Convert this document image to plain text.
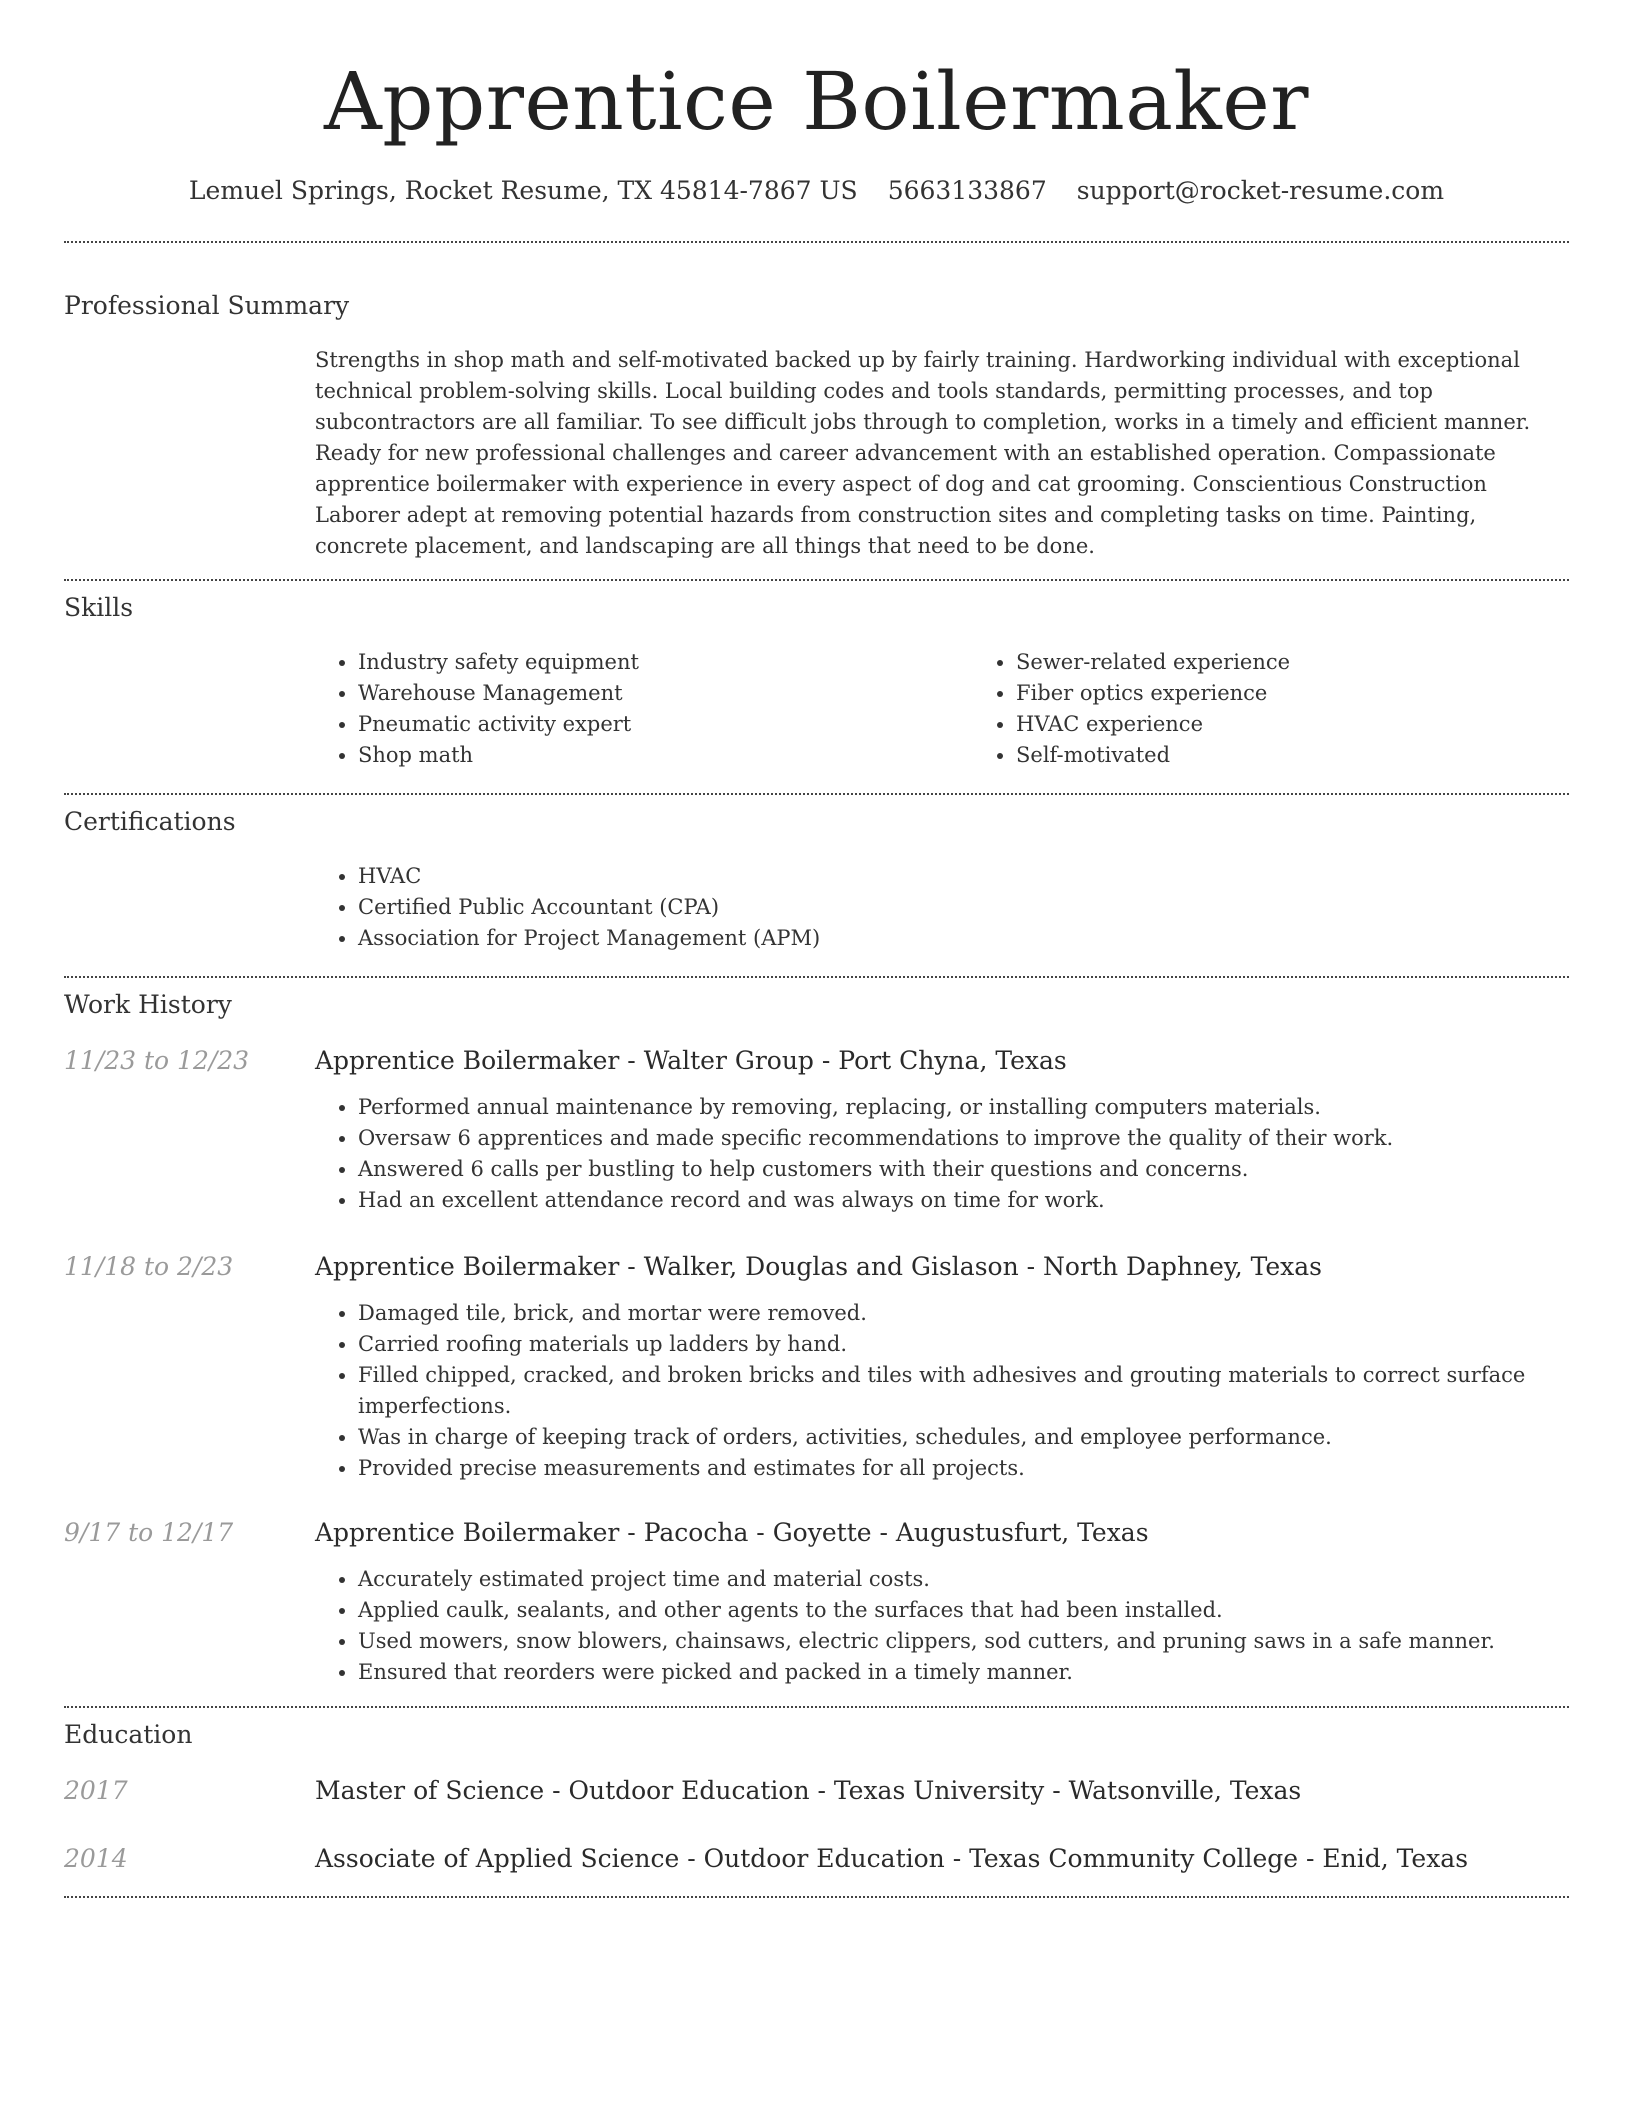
Apprentice Boilermaker
Lemuel Springs, Rocket Resume, TX 45814-7867 US 5663133867 support@rocket-resume.com
Professional Summary

Strengths in shop math and self-motivated backed up by fairly training. Hardworking individual with exceptional technical problem-solving skills. Local building codes and tools standards, permitting processes, and top subcontractors are all familiar. To see difficult jobs through to completion, works in a timely and efficient manner. Ready for new professional challenges and career advancement with an established operation. Compassionate apprentice boilermaker with experience in every aspect of dog and cat grooming. Conscientious Construction Laborer adept at removing potential hazards from construction sites and completing tasks on time. Painting, concrete placement, and landscaping are all things that need to be done.

Skills
• Industry safety equipment
• Warehouse Management
• Pneumatic activity expert
• Shop math
• Sewer-related experience
• Fiber optics experience
• HVAC experience
• Self-motivated
Certifications
• HVAC
• Certified Public Accountant (CPA)
• Association for Project Management (APM)
Work History
11/23 to 12/23	Apprentice Boilermaker - Walter Group - Port Chyna, Texas
• Performed annual maintenance by removing, replacing, or installing computers materials.
• Oversaw 6 apprentices and made specific recommendations to improve the quality of their work.
• Answered 6 calls per bustling to help customers with their questions and concerns.
• Had an excellent attendance record and was always on time for work.
11/18 to 2/23	Apprentice Boilermaker - Walker, Douglas and Gislason - North Daphney, Texas
• Damaged tile, brick, and mortar were removed.
• Carried roofing materials up ladders by hand.
• Filled chipped, cracked, and broken bricks and tiles with adhesives and grouting materials to correct surface imperfections.
• Was in charge of keeping track of orders, activities, schedules, and employee performance.
• Provided precise measurements and estimates for all projects.
9/17 to 12/17	Apprentice Boilermaker - Pacocha - Goyette - Augustusfurt, Texas
• Accurately estimated project time and material costs.
• Applied caulk, sealants, and other agents to the surfaces that had been installed.
• Used mowers, snow blowers, chainsaws, electric clippers, sod cutters, and pruning saws in a safe manner.
• Ensured that reorders were picked and packed in a timely manner.
Education
2017	Master of Science - Outdoor Education - Texas University - Watsonville, Texas
2014	Associate of Applied Science - Outdoor Education - Texas Community College - Enid, Texas
